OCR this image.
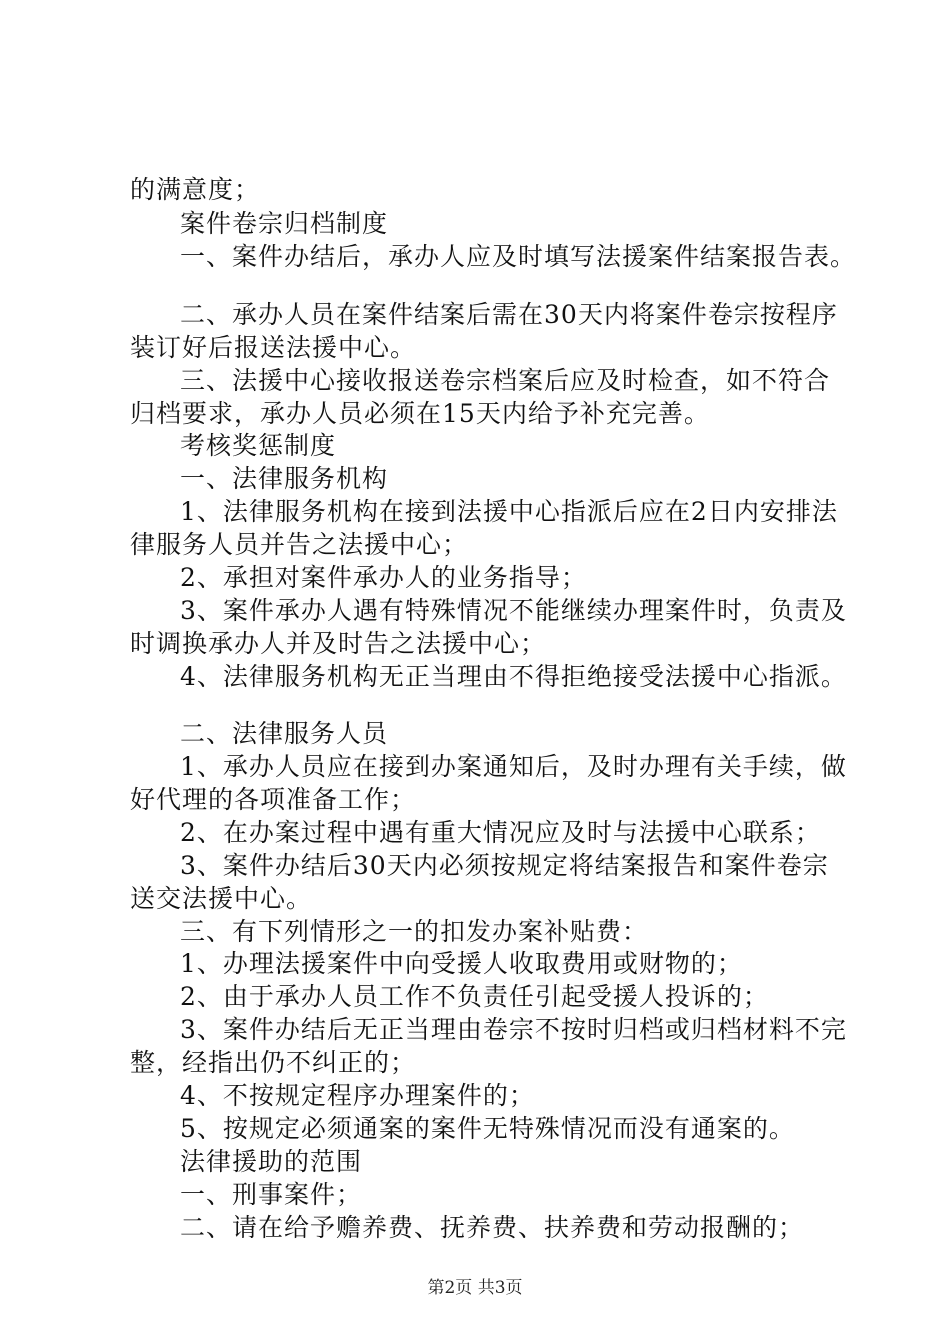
的满意度；
案件卷宗归档制度
一、案件办结后，承办人应及时填写法援案件结案报告表。
二、承办人员在案件结案后需在30天内将案件卷宗按程序
装订好后报送法援中心。
三、法援中心接收报送卷宗档案后应及时检查，如不符合
归档要求，承办人员必须在15天内给予补充完善。
考核奖惩制度
一、法律服务机构
1、法律服务机构在接到法援中心指派后应在2日内安排法
律服务人员并告之法援中心；
2、承担对案件承办人的业务指导；
3、案件承办人遇有特殊情况不能继续办理案件时，负责及
时调换承办人并及时告之法援中心；
4、法律服务机构无正当理由不得拒绝接受法援中心指派。
二、法律服务人员
1、承办人员应在接到办案通知后，及时办理有关手续，做
好代理的各项准备工作；
2、在办案过程中遇有重大情况应及时与法援中心联系；
3、案件办结后30天内必须按规定将结案报告和案件卷宗
送交法援中心。
三、有下列情形之一的扣发办案补贴费：
1、办理法援案件中向受援人收取费用或财物的；
2、由于承办人员工作不负责任引起受援人投诉的；
3、案件办结后无正当理由卷宗不按时归档或归档材料不完
整，经指出仍不纠正的；
4、不按规定程序办理案件的；
5、按规定必须通案的案件无特殊情况而没有通案的。
法律援助的范围
一、刑事案件；
二、请在给予赡养费、抚养费、扶养费和劳动报酬的；
第2页 共3页
